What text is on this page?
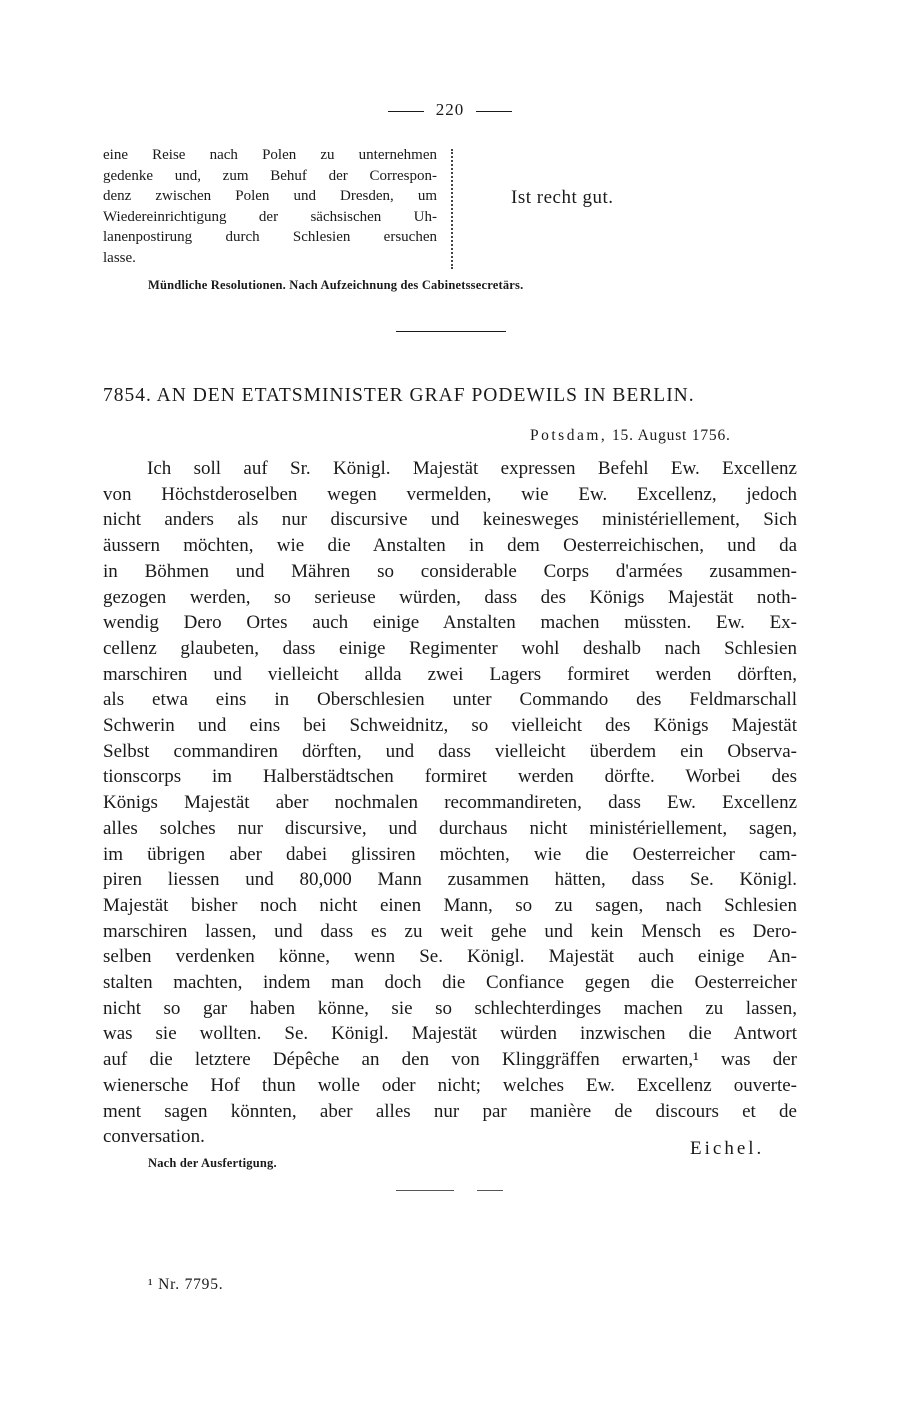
220
eine Reise nach Polen zu unternehmen
gedenke und, zum Behuf der Correspon-
denz zwischen Polen und Dresden, um
Wiedereinrichtigung der sächsischen Uh-
lanenpostirung durch Schlesien ersuchen
lasse.
Ist recht gut.
Mündliche Resolutionen. Nach Aufzeichnung des Cabinetssecretärs.
7854. AN DEN ETATSMINISTER GRAF PODEWILS IN BERLIN.
Potsdam, 15. August 1756.
Ich soll auf Sr. Königl. Majestät expressen Befehl Ew. Excellenz
von Höchstderoselben wegen vermelden, wie Ew. Excellenz, jedoch
nicht anders als nur discursive und keinesweges ministériellement, Sich
äussern möchten, wie die Anstalten in dem Oesterreichischen, und da
in Böhmen und Mähren so considerable Corps d'armées zusammen-
gezogen werden, so serieuse würden, dass des Königs Majestät noth-
wendig Dero Ortes auch einige Anstalten machen müssten. Ew. Ex-
cellenz glaubeten, dass einige Regimenter wohl deshalb nach Schlesien
marschiren und vielleicht allda zwei Lagers formiret werden dörften,
als etwa eins in Oberschlesien unter Commando des Feldmarschall
Schwerin und eins bei Schweidnitz, so vielleicht des Königs Majestät
Selbst commandiren dörften, und dass vielleicht überdem ein Observa-
tionscorps im Halberstädtschen formiret werden dörfte. Worbei des
Königs Majestät aber nochmalen recommandireten, dass Ew. Excellenz
alles solches nur discursive, und durchaus nicht ministériellement, sagen,
im übrigen aber dabei glissiren möchten, wie die Oesterreicher cam-
piren liessen und 80,000 Mann zusammen hätten, dass Se. Königl.
Majestät bisher noch nicht einen Mann, so zu sagen, nach Schlesien
marschiren lassen, und dass es zu weit gehe und kein Mensch es Dero-
selben verdenken könne, wenn Se. Königl. Majestät auch einige An-
stalten machten, indem man doch die Confiance gegen die Oesterreicher
nicht so gar haben könne, sie so schlechterdinges machen zu lassen,
was sie wollten. Se. Königl. Majestät würden inzwischen die Antwort
auf die letztere Dépêche an den von Klinggräffen erwarten,¹ was der
wienersche Hof thun wolle oder nicht; welches Ew. Excellenz ouverte-
ment sagen könnten, aber alles nur par manière de discours et de
conversation.
Eichel.
Nach der Ausfertigung.
¹ Nr. 7795.
